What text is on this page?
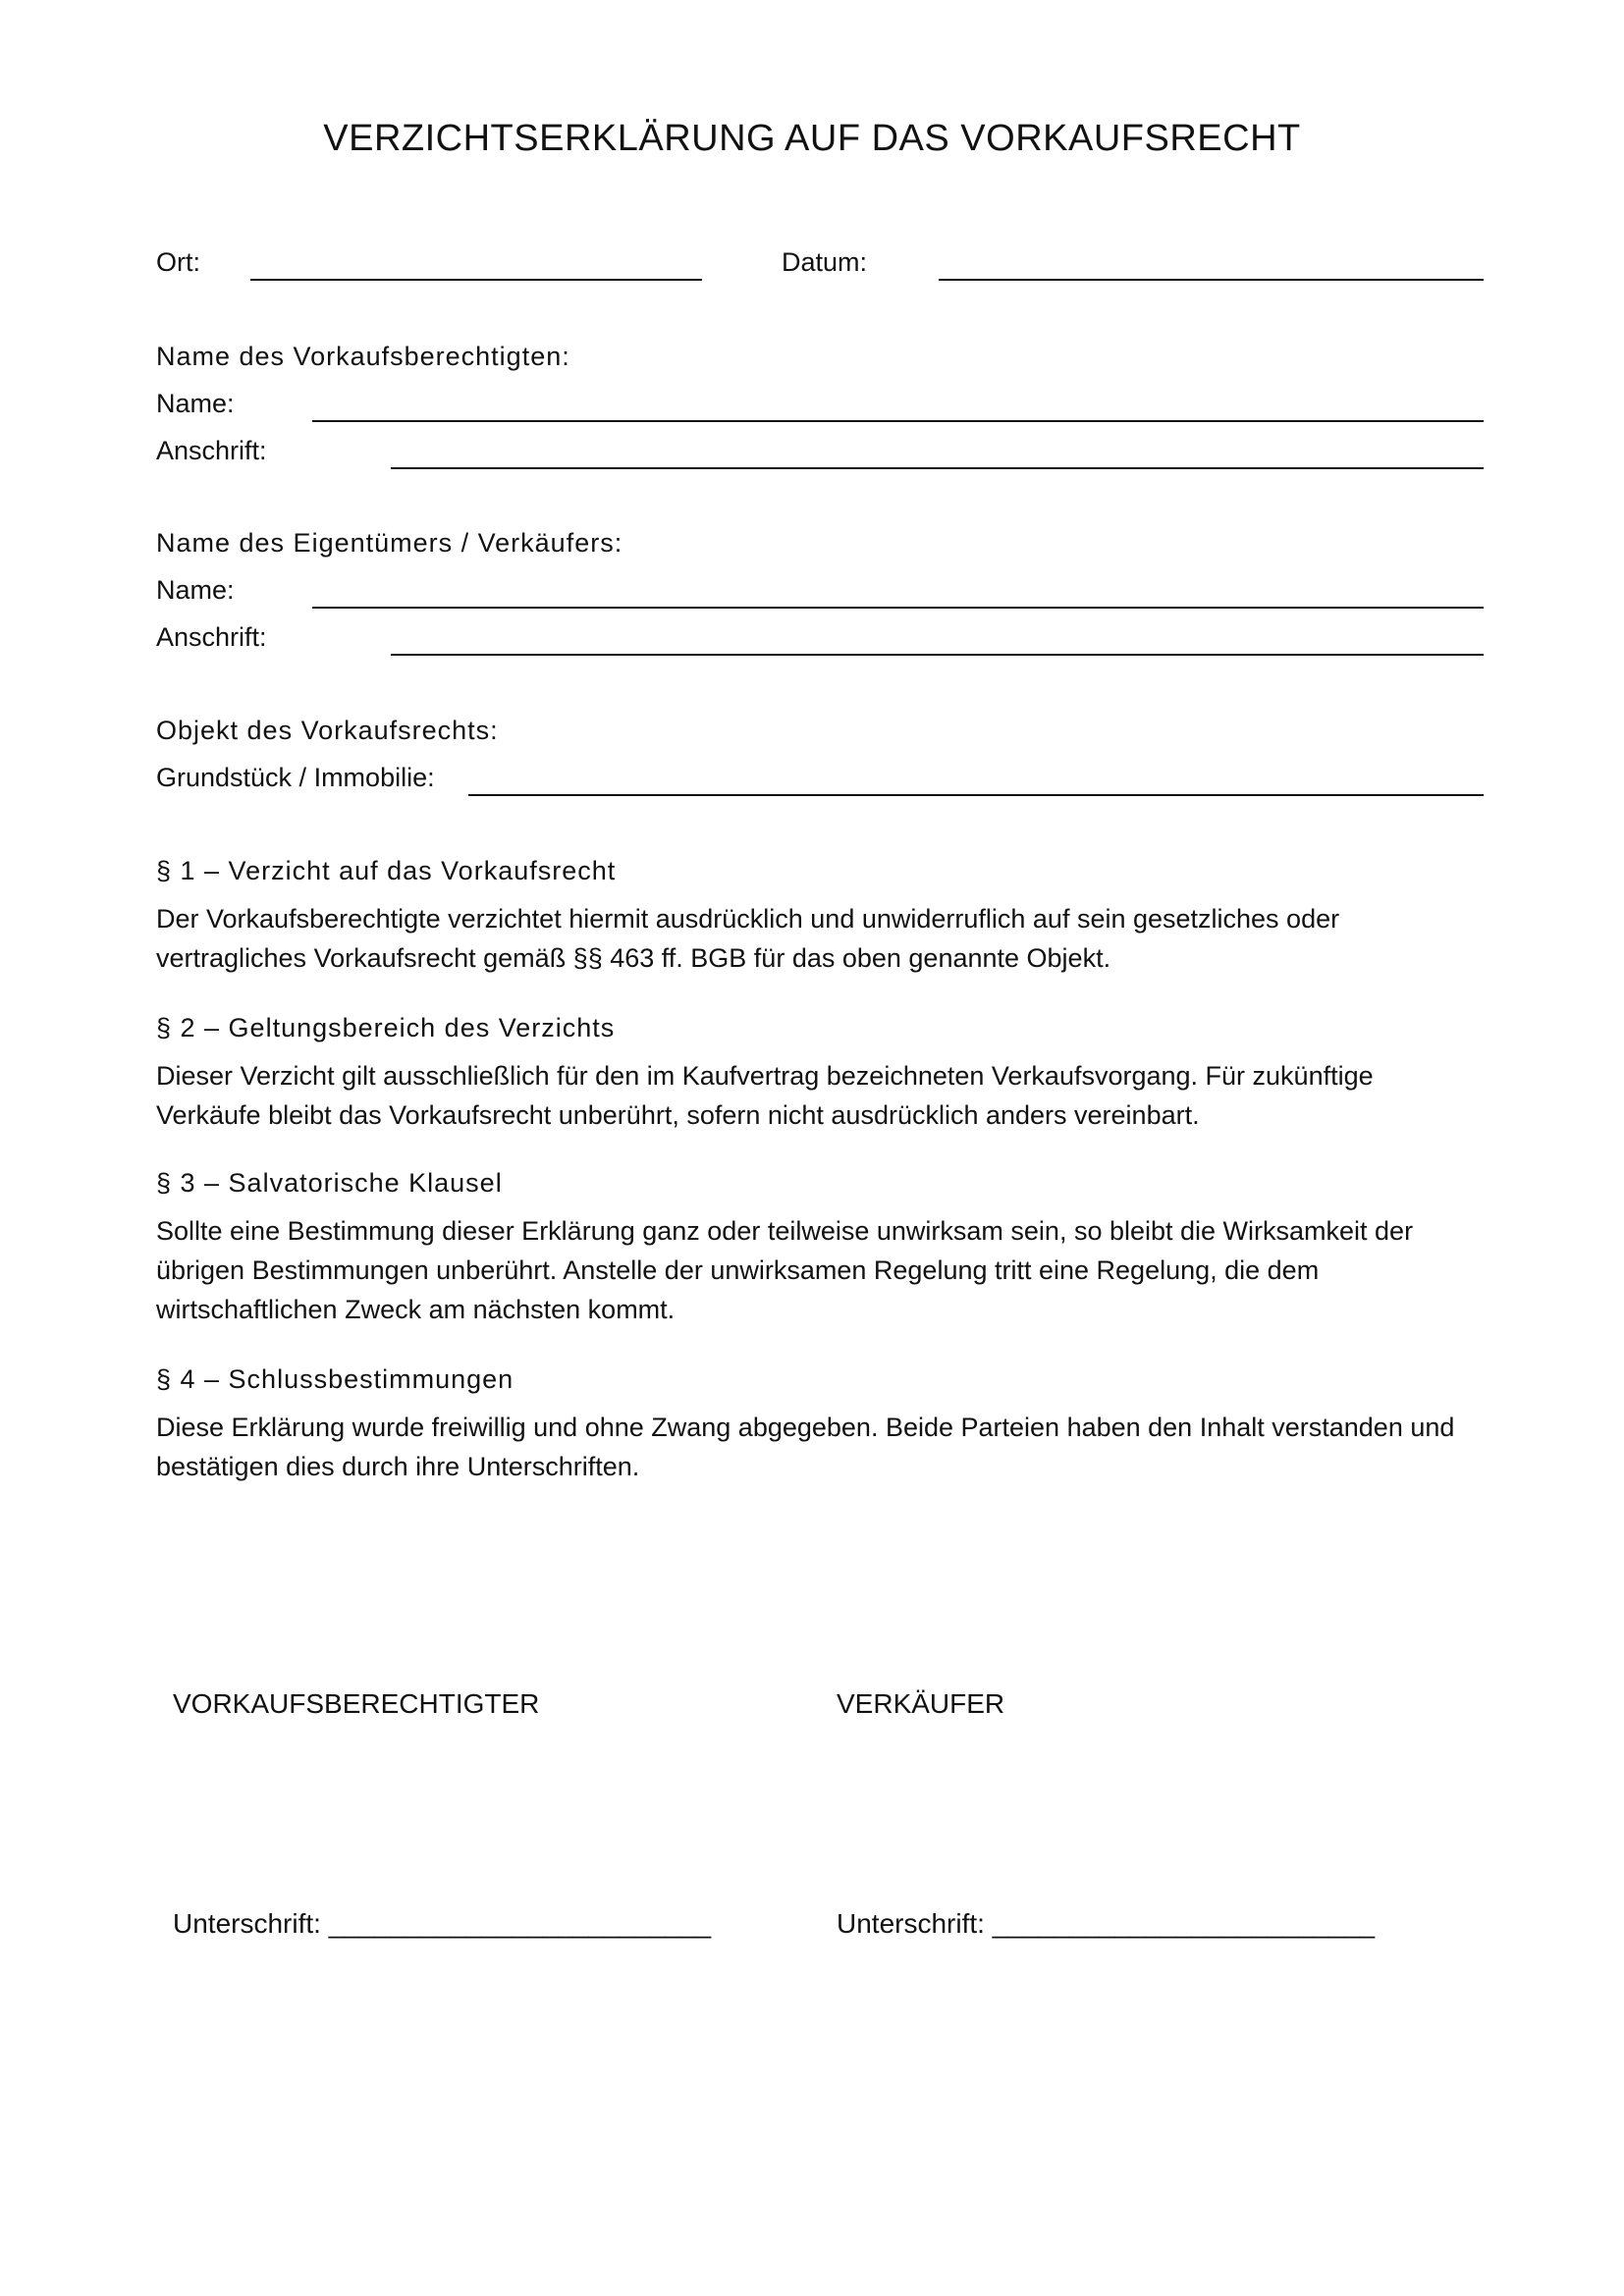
VERZICHTSERKLÄRUNG AUF DAS VORKAUFSRECHT
Ort:	Datum:
Name des Vorkaufsberechtigten:
Name:
Anschrift:
Name des Eigentümers / Verkäufers:
Name:
Anschrift:
Objekt des Vorkaufsrechts:
Grundstück / Immobilie:
§ 1 – Verzicht auf das Vorkaufsrecht
Der Vorkaufsberechtigte verzichtet hiermit ausdrücklich und unwiderruflich auf sein gesetzliches oder vertragliches Vorkaufsrecht gemäß §§ 463 ff. BGB für das oben genannte Objekt.
§ 2 – Geltungsbereich des Verzichts
Dieser Verzicht gilt ausschließlich für den im Kaufvertrag bezeichneten Verkaufsvorgang. Für zukünftige Verkäufe bleibt das Vorkaufsrecht unberührt, sofern nicht ausdrücklich anders vereinbart.
§ 3 – Salvatorische Klausel
Sollte eine Bestimmung dieser Erklärung ganz oder teilweise unwirksam sein, so bleibt die Wirksamkeit der übrigen Bestimmungen unberührt. Anstelle der unwirksamen Regelung tritt eine Regelung, die dem wirtschaftlichen Zweck am nächsten kommt.
§ 4 – Schlussbestimmungen
Diese Erklärung wurde freiwillig und ohne Zwang abgegeben. Beide Parteien haben den Inhalt verstanden und bestätigen dies durch ihre Unterschriften.
VORKAUFSBERECHTIGTER	VERKÄUFER
Unterschrift: _________________________	Unterschrift: _________________________
